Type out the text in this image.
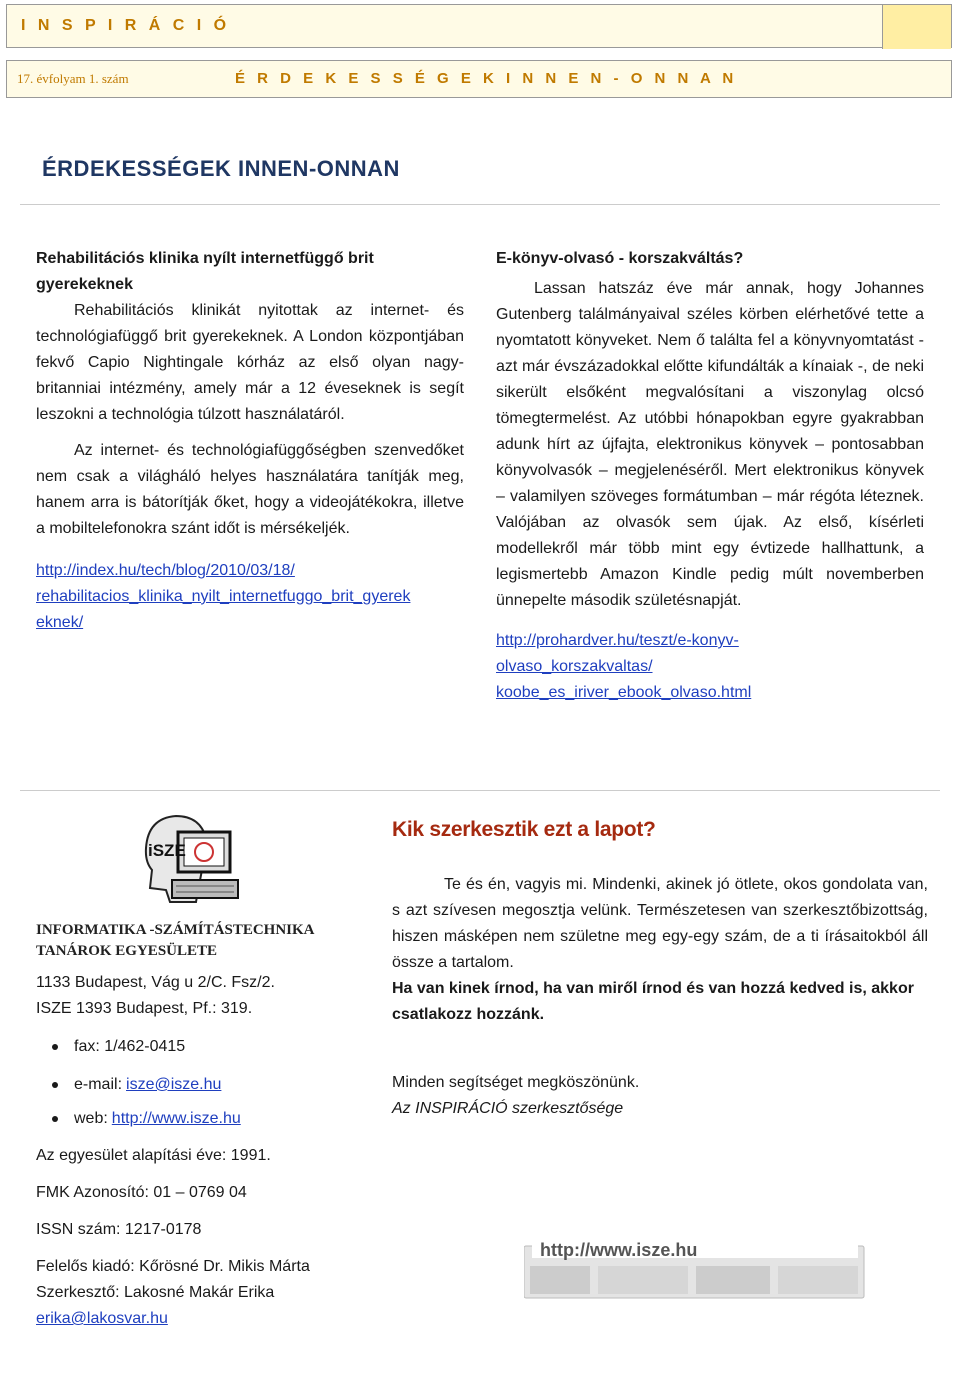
I N S P I R Á C I Ó
17. évfolyam 1. szám	É R D E K E S S É G E K I N N E N - O N N A N
ÉRDEKESSÉGEK INNEN-ONNAN

Rehabilitációs klinika nyílt internetfüggő brit gyerekeknek

Rehabilitációs klinikát nyitottak az internet- és technológiafüggő brit gyerekeknek. A London központjában fekvő Capio Nightingale kórház az első olyan nagy-britanniai intézmény, amely már a 12 éveseknek is segít leszokni a technológia túlzott használatáról.

Az internet- és technológiafüggőségben szenvedőket nem csak a világháló helyes használatára tanítják meg, hanem arra is bátorítják őket, hogy a videojátékokra, illetve a mobiltelefonokra szánt időt is mérsékeljék.

http://index.hu/tech/blog/2010/03/18/
rehabilitacios_klinika_nyilt_internetfuggo_brit_gyerek
eknek/

E-könyv-olvasó - korszakváltás?

Lassan hatszáz éve már annak, hogy Johannes Gutenberg találmányaival széles körben elérhetővé tette a nyomtatott könyveket. Nem ő találta fel a könyvnyomtatást - azt már évszázadokkal előtte kifundálták a kínaiak -, de neki sikerült elsőként megvalósítani a viszonylag olcsó tömegtermelést. Az utóbbi hónapokban egyre gyakrabban adunk hírt az újfajta, elektronikus könyvek – pontosabban könyvolvasók – megjelenéséről. Mert elektronikus könyvek – valamilyen szöveges formátumban – már régóta léteznek. Valójában az olvasók sem újak. Az első, kísérleti modellekről már több mint egy évtizede hallhattunk, a legismertebb Amazon Kindle pedig múlt novemberben ünnepelte második születésnapját.

http://prohardver.hu/teszt/e-konyv-
olvaso_korszakvaltas/
koobe_es_iriver_ebook_olvaso.html

iSZE
INFORMATIKA -SZÁMÍTÁSTECHNIKA
TANÁROK EGYESÜLETE
1133 Budapest, Vág u 2/C. Fsz/2.
ISZE 1393 Budapest, Pf.: 319.
fax: 1/462-0415
e-mail: isze@isze.hu
web: http://www.isze.hu
Az egyesület alapítási éve: 1991.
FMK Azonosító: 01 – 0769 04
ISSN szám: 1217-0178
Felelős kiadó: Kőrösné Dr. Mikis Márta
Szerkesztő: Lakosné Makár Erika
erika@lakosvar.hu
Kik szerkesztik ezt a lapot?

Te és én, vagyis mi. Mindenki, akinek jó ötlete, okos gondolata van, s azt szívesen megosztja velünk. Természetesen van szerkesztőbizottság, hiszen másképen nem születne meg egy-egy szám, de a ti írásaitokból áll össze a tartalom.

Ha van kinek írnod, ha van miről írnod és van hozzá kedved is, akkor csatlakozz hozzánk.

Minden segítséget megköszönünk.

Az INSPIRÁCIÓ szerkesztősége

http://www.isze.hu
